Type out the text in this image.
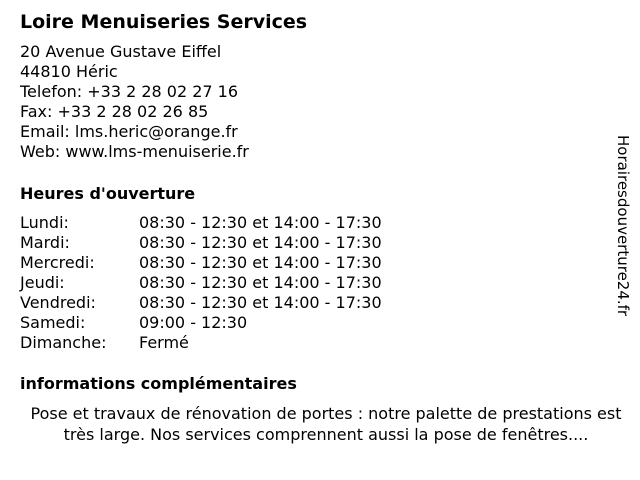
Loire Menuiseries Services
20 Avenue Gustave Eiffel
44810 Héric
Telefon: +33 2 28 02 27 16
Fax: +33 2 28 02 26 85
Email: lms.heric@orange.fr
Web: www.lms-menuiserie.fr
Heures d'ouverture
Lundi:	08:30 - 12:30 et 14:00 - 17:30
Mardi:	08:30 - 12:30 et 14:00 - 17:30
Mercredi:	08:30 - 12:30 et 14:00 - 17:30
Jeudi:	08:30 - 12:30 et 14:00 - 17:30
Vendredi:	08:30 - 12:30 et 14:00 - 17:30
Samedi:	09:00 - 12:30
Dimanche: Fermé
informations complémentaires
Pose et travaux de rénovation de portes : notre palette de prestations est très large. Nos services comprennent aussi la pose de fenêtres....
Horairesdouverture24.fr
